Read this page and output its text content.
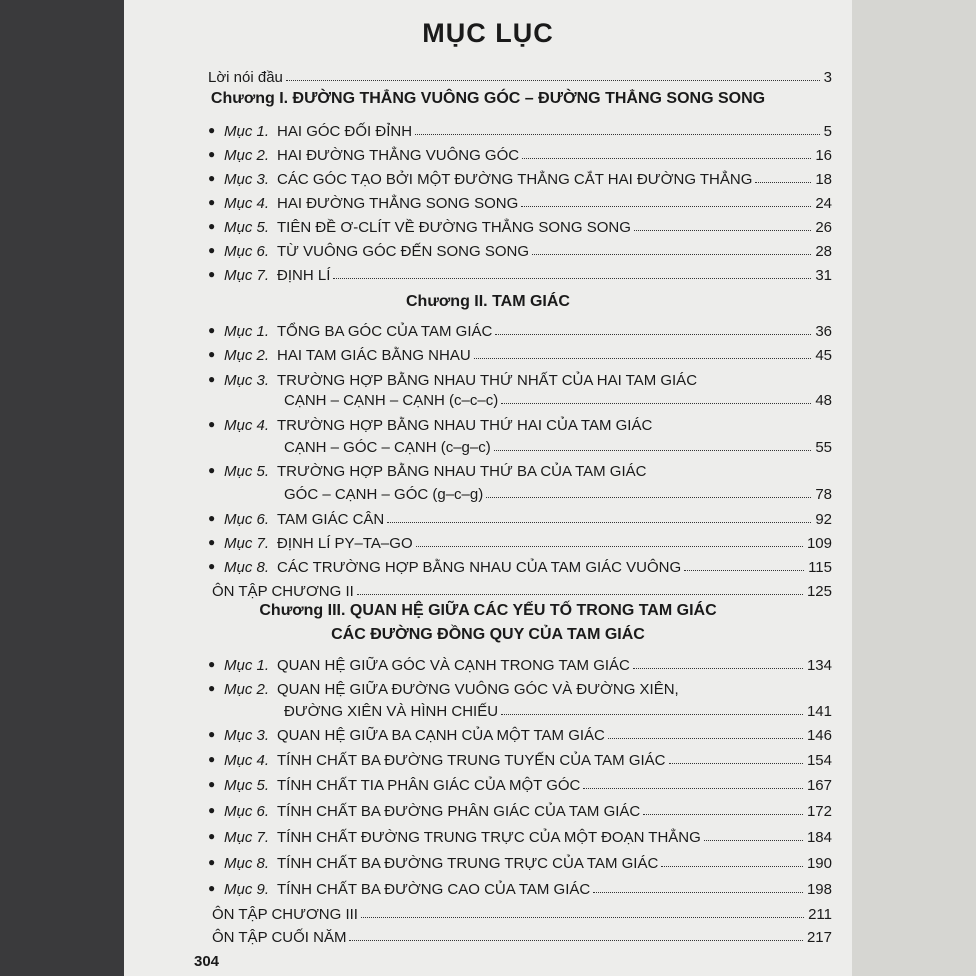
MỤC LỤC
Lời nói đầu	3
Chương I. ĐƯỜNG THẲNG VUÔNG GÓC – ĐƯỜNG THẲNG SONG SONG
● Mục 1. HAI GÓC ĐỐI ĐỈNH	5
● Mục 2. HAI ĐƯỜNG THẲNG VUÔNG GÓC	16
● Mục 3. CÁC GÓC TẠO BỞI MỘT ĐƯỜNG THẲNG CẮT HAI ĐƯỜNG THẲNG	18
● Mục 4. HAI ĐƯỜNG THẲNG SONG SONG	24
● Mục 5. TIÊN ĐỀ Ơ-CLÍT VỀ ĐƯỜNG THẲNG SONG SONG	26
● Mục 6. TỪ VUÔNG GÓC ĐẾN SONG SONG	28
● Mục 7. ĐỊNH LÍ	31
Chương II. TAM GIÁC
● Mục 1. TỔNG BA GÓC CỦA TAM GIÁC	36
● Mục 2. HAI TAM GIÁC BẰNG NHAU	45
● Mục 3. TRƯỜNG HỢP BẰNG NHAU THỨ NHẤT CỦA HAI TAM GIÁC
CẠNH – CẠNH – CẠNH (c–c–c)	48
● Mục 4. TRƯỜNG HỢP BẰNG NHAU THỨ HAI CỦA TAM GIÁC
CẠNH – GÓC – CẠNH (c–g–c)	55
● Mục 5. TRƯỜNG HỢP BẰNG NHAU THỨ BA CỦA TAM GIÁC
GÓC – CẠNH – GÓC (g–c–g)	78
● Mục 6. TAM GIÁC CÂN	92
● Mục 7. ĐỊNH LÍ PY–TA–GO	109
● Mục 8. CÁC TRƯỜNG HỢP BẰNG NHAU CỦA TAM GIÁC VUÔNG	115
ÔN TẬP CHƯƠNG II	125
Chương III. QUAN HỆ GIỮA CÁC YẾU TỐ TRONG TAM GIÁC
CÁC ĐƯỜNG ĐỒNG QUY CỦA TAM GIÁC
● Mục 1. QUAN HỆ GIỮA GÓC VÀ CẠNH TRONG TAM GIÁC	134
● Mục 2. QUAN HỆ GIỮA ĐƯỜNG VUÔNG GÓC VÀ ĐƯỜNG XIÊN,
ĐƯỜNG XIÊN VÀ HÌNH CHIẾU	141
● Mục 3. QUAN HỆ GIỮA BA CẠNH CỦA MỘT TAM GIÁC	146
● Mục 4. TÍNH CHẤT BA ĐƯỜNG TRUNG TUYẾN CỦA TAM GIÁC	154
● Mục 5. TÍNH CHẤT TIA PHÂN GIÁC CỦA MỘT GÓC	167
● Mục 6. TÍNH CHẤT BA ĐƯỜNG PHÂN GIÁC CỦA TAM GIÁC	172
● Mục 7. TÍNH CHẤT ĐƯỜNG TRUNG TRỰC CỦA MỘT ĐOẠN THẲNG	184
● Mục 8. TÍNH CHẤT BA ĐƯỜNG TRUNG TRỰC CỦA TAM GIÁC	190
● Mục 9. TÍNH CHẤT BA ĐƯỜNG CAO CỦA TAM GIÁC	198
ÔN TẬP CHƯƠNG III	211
ÔN TẬP CUỐI NĂM	217
304
